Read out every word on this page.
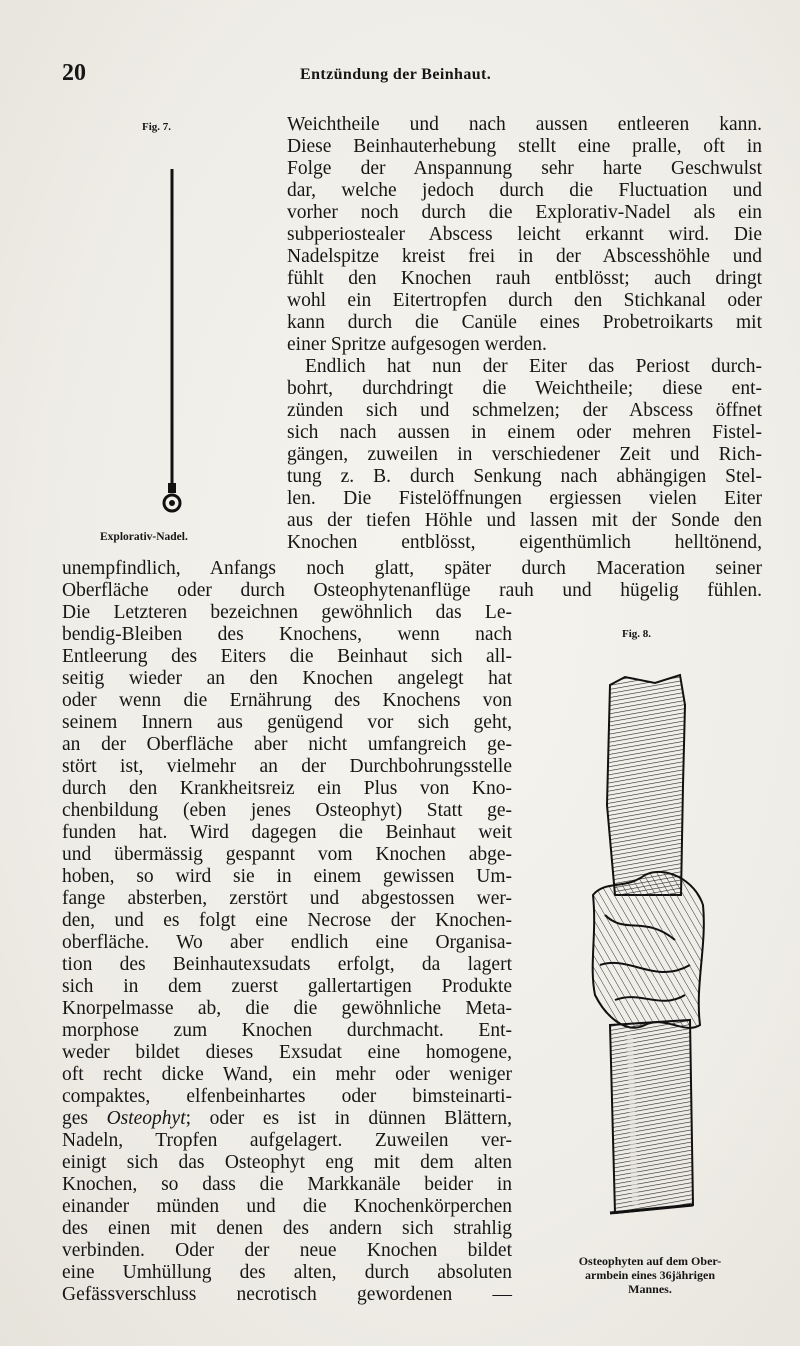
20	Entzündung der Beinhaut.
Fig. 7.
Explorativ-Nadel.
Fig. 8.
Osteophyten auf dem Ober-
armbein eines 36jährigen
Mannes.
Weichtheile und nach aussen entleeren kann.
Diese Beinhauterhebung stellt eine pralle, oft in
Folge der Anspannung sehr harte Geschwulst
dar, welche jedoch durch die Fluctuation und
vorher noch durch die Explorativ-Nadel als ein
subperiostealer Abscess leicht erkannt wird. Die
Nadelspitze kreist frei in der Abscesshöhle und
fühlt den Knochen rauh entblösst; auch dringt
wohl ein Eitertropfen durch den Stichkanal oder
kann durch die Canüle eines Probetroikarts mit
einer Spritze aufgesogen werden.
Endlich hat nun der Eiter das Periost durch-
bohrt, durchdringt die Weichtheile; diese ent-
zünden sich und schmelzen; der Abscess öffnet
sich nach aussen in einem oder mehren Fistel-
gängen, zuweilen in verschiedener Zeit und Rich-
tung z. B. durch Senkung nach abhängigen Stel-
len. Die Fistelöffnungen ergiessen vielen Eiter
aus der tiefen Höhle und lassen mit der Sonde den
Knochen entblösst, eigenthümlich helltönend,
unempfindlich, Anfangs noch glatt, später durch Maceration seiner
Oberfläche oder durch Osteophytenanflüge rauh und hügelig fühlen.
Die Letzteren bezeichnen gewöhnlich das Le-
bendig-Bleiben des Knochens, wenn nach
Entleerung des Eiters die Beinhaut sich all-
seitig wieder an den Knochen angelegt hat
oder wenn die Ernährung des Knochens von
seinem Innern aus genügend vor sich geht,
an der Oberfläche aber nicht umfangreich ge-
stört ist, vielmehr an der Durchbohrungsstelle
durch den Krankheitsreiz ein Plus von Kno-
chenbildung (eben jenes Osteophyt) Statt ge-
funden hat. Wird dagegen die Beinhaut weit
und übermässig gespannt vom Knochen abge-
hoben, so wird sie in einem gewissen Um-
fange absterben, zerstört und abgestossen wer-
den, und es folgt eine Necrose der Knochen-
oberfläche. Wo aber endlich eine Organisa-
tion des Beinhautexsudats erfolgt, da lagert
sich in dem zuerst gallertartigen Produkte
Knorpelmasse ab, die die gewöhnliche Meta-
morphose zum Knochen durchmacht. Ent-
weder bildet dieses Exsudat eine homogene,
oft recht dicke Wand, ein mehr oder weniger
compaktes, elfenbeinhartes oder bimsteinarti-
ges Osteophyt; oder es ist in dünnen Blättern,
Nadeln, Tropfen aufgelagert. Zuweilen ver-
einigt sich das Osteophyt eng mit dem alten
Knochen, so dass die Markkanäle beider in
einander münden und die Knochenkörperchen
des einen mit denen des andern sich strahlig
verbinden. Oder der neue Knochen bildet
eine Umhüllung des alten, durch absoluten
Gefässverschluss necrotisch gewordenen —
